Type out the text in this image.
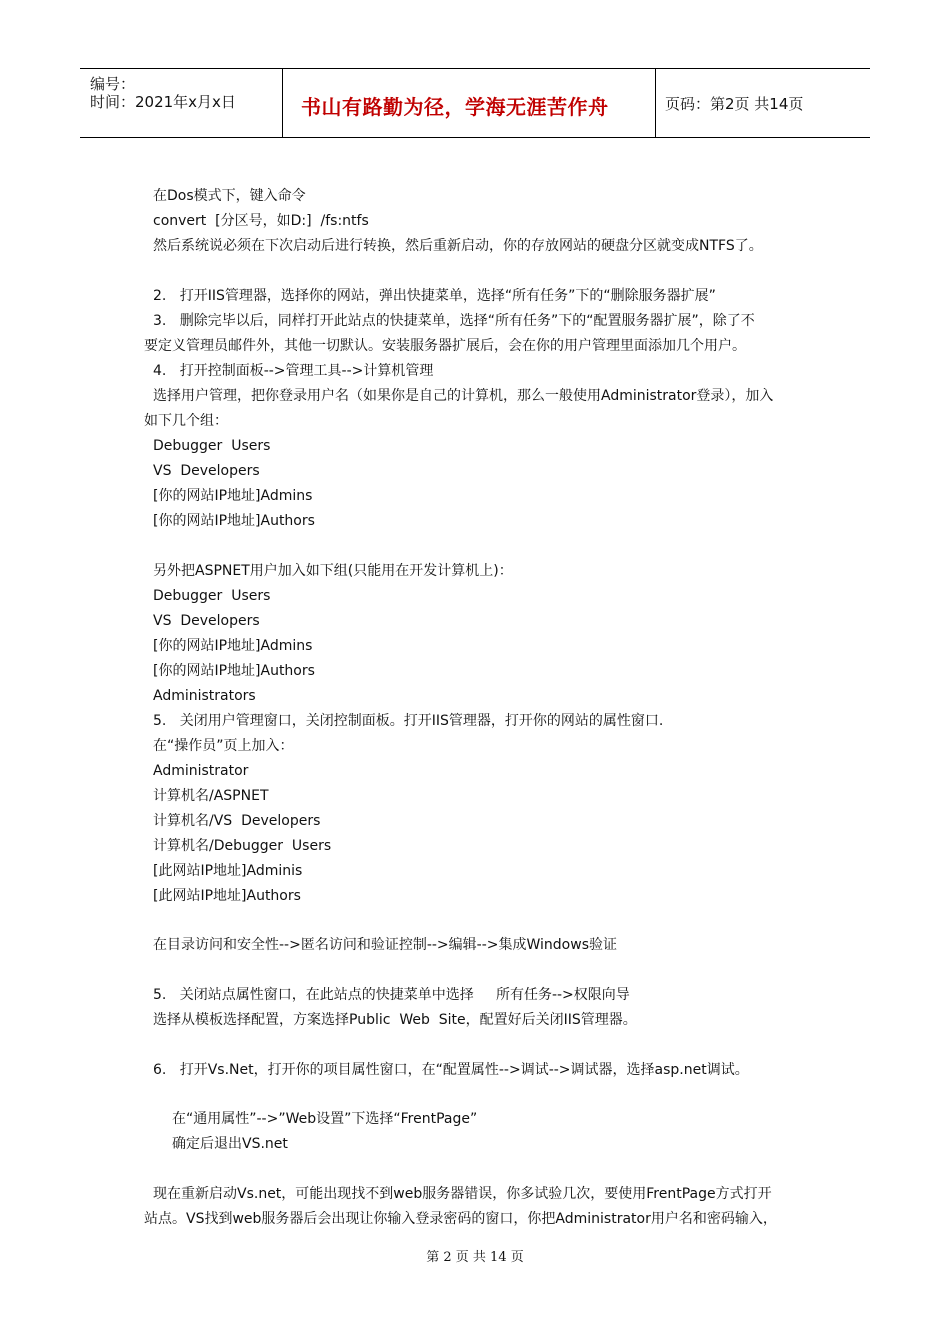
编号：
时间：2021年x月x日	书山有路勤为径，学海无涯苦作舟	页码：第2页 共14页
在Dos模式下，键入命令
convert  [分区号，如D:]  /fs:ntfs
然后系统说必须在下次启动后进行转换，然后重新启动，你的存放网站的硬盘分区就变成NTFS了。
2.   打开IIS管理器，选择你的网站，弹出快捷菜单，选择“所有任务”下的“删除服务器扩展”
3.   删除完毕以后，同样打开此站点的快捷菜单，选择“所有任务”下的“配置服务器扩展”，除了不
要定义管理员邮件外，其他一切默认。安装服务器扩展后，会在你的用户管理里面添加几个用户。
4.   打开控制面板-->管理工具-->计算机管理
选择用户管理，把你登录用户名（如果你是自己的计算机，那么一般使用Administrator登录），加入
如下几个组：
Debugger  Users
VS  Developers
[你的网站IP地址]Admins
[你的网站IP地址]Authors
另外把ASPNET用户加入如下组(只能用在开发计算机上)：
Debugger  Users
VS  Developers
[你的网站IP地址]Admins
[你的网站IP地址]Authors
Administrators
5.   关闭用户管理窗口，关闭控制面板。打开IIS管理器，打开你的网站的属性窗口.
在“操作员”页上加入：
Administrator
计算机名/ASPNET
计算机名/VS  Developers
计算机名/Debugger  Users
[此网站IP地址]Adminis
[此网站IP地址]Authors
在目录访问和安全性-->匿名访问和验证控制-->编辑-->集成Windows验证
5.   关闭站点属性窗口，在此站点的快捷菜单中选择     所有任务-->权限向导
选择从模板选择配置，方案选择Public  Web  Site，配置好后关闭IIS管理器。
6.   打开Vs.Net，打开你的项目属性窗口，在“配置属性-->调试-->调试器，选择asp.net调试。
在“通用属性”-->”Web设置”下选择“FrentPage”
确定后退出VS.net
现在重新启动Vs.net，可能出现找不到web服务器错误，你多试验几次，要使用FrentPage方式打开
站点。VS找到web服务器后会出现让你输入登录密码的窗口，你把Administrator用户名和密码输入，
第 2 页 共 14 页
